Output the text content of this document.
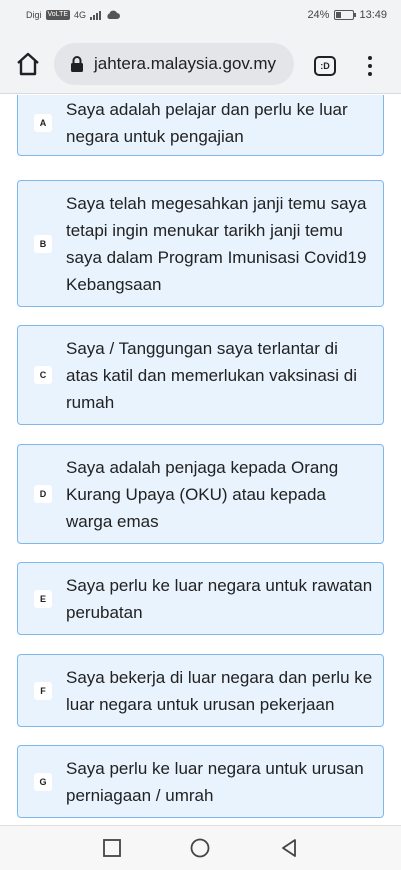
Digi VoLTE 4G	24%	13:49
jahtera.malaysia.gov.my	:D
A
Saya adalah pelajar dan perlu ke luar negara untuk pengajian
B
Saya telah megesahkan janji temu saya tetapi ingin menukar tarikh janji temu saya dalam Program Imunisasi Covid19 Kebangsaan
C
Saya / Tanggungan saya terlantar di atas katil dan memerlukan vaksinasi di rumah
D
Saya adalah penjaga kepada Orang Kurang Upaya (OKU) atau kepada warga emas
E
Saya perlu ke luar negara untuk rawatan perubatan
F
Saya bekerja di luar negara dan perlu ke luar negara untuk urusan pekerjaan
G
Saya perlu ke luar negara untuk urusan perniagaan / umrah
